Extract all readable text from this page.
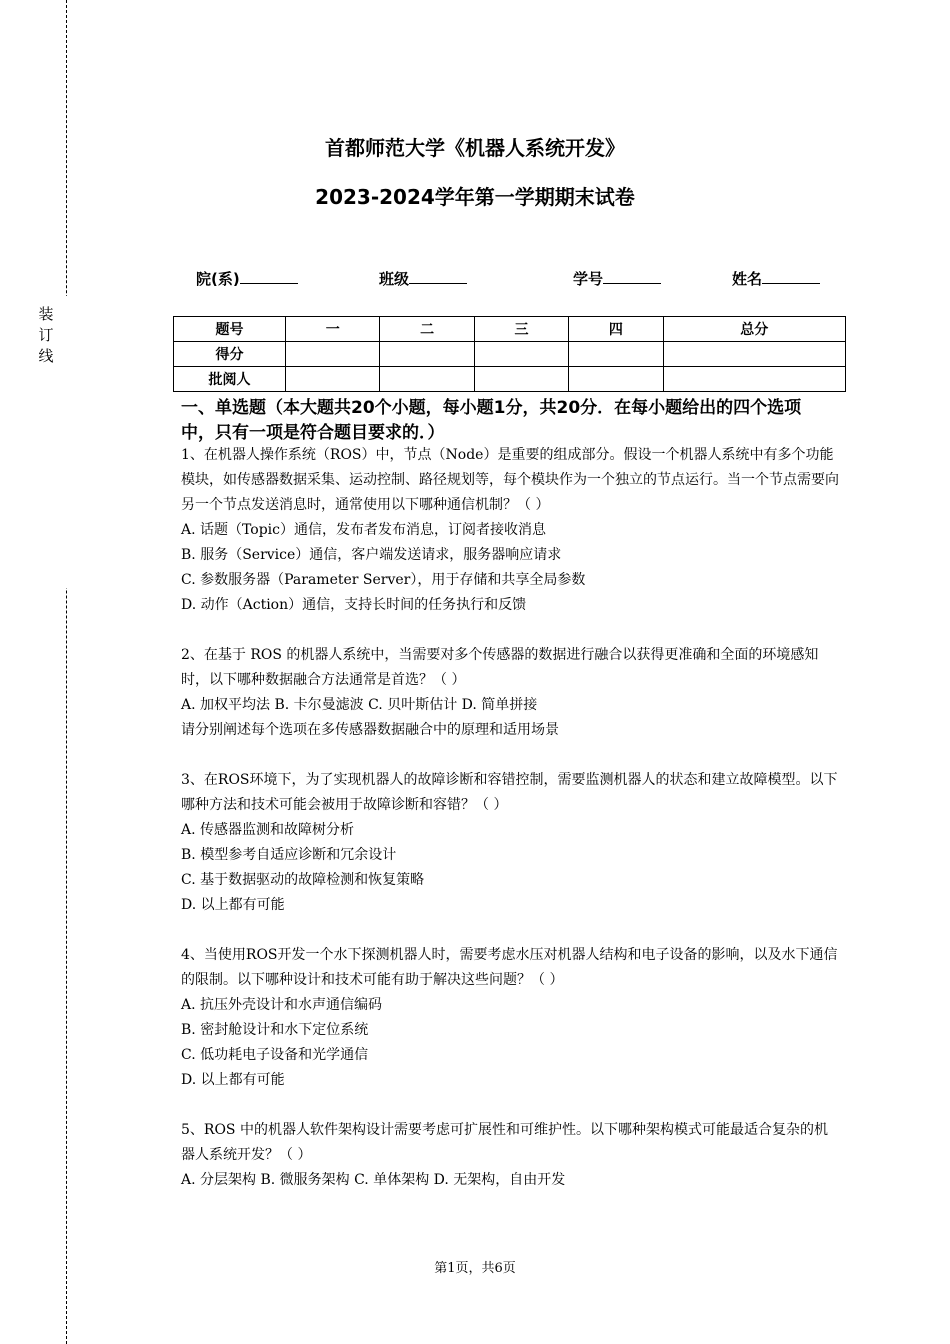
装
订
线
首都师范大学《机器人系统开发》
2023-2024学年第一学期期末试卷
院(系)	班级	学号	姓名
题号	一	二	三	四	总分
得分					
批阅人					
一、单选题（本大题共20个小题，每小题1分，共20分．在每小题给出的四个选项中，只有一项是符合题目要求的．）

1、在机器人操作系统（ROS）中，节点（Node）是重要的组成部分。假设一个机器人系统中有多个功能模块，如传感器数据采集、运动控制、路径规划等，每个模块作为一个独立的节点运行。当一个节点需要向另一个节点发送消息时，通常使用以下哪种通信机制？（ ）

A. 话题（Topic）通信，发布者发布消息，订阅者接收消息

B. 服务（Service）通信，客户端发送请求，服务器响应请求

C. 参数服务器（Parameter Server），用于存储和共享全局参数

D. 动作（Action）通信，支持长时间的任务执行和反馈

2、在基于 ROS 的机器人系统中，当需要对多个传感器的数据进行融合以获得更准确和全面的环境感知时，以下哪种数据融合方法通常是首选？（ ）

A. 加权平均法 B. 卡尔曼滤波 C. 贝叶斯估计 D. 简单拼接

请分别阐述每个选项在多传感器数据融合中的原理和适用场景

3、在ROS环境下，为了实现机器人的故障诊断和容错控制，需要监测机器人的状态和建立故障模型。以下哪种方法和技术可能会被用于故障诊断和容错？（ ）

A. 传感器监测和故障树分析

B. 模型参考自适应诊断和冗余设计

C. 基于数据驱动的故障检测和恢复策略

D. 以上都有可能

4、当使用ROS开发一个水下探测机器人时，需要考虑水压对机器人结构和电子设备的影响，以及水下通信的限制。以下哪种设计和技术可能有助于解决这些问题？（ ）

A. 抗压外壳设计和水声通信编码

B. 密封舱设计和水下定位系统

C. 低功耗电子设备和光学通信

D. 以上都有可能

5、ROS 中的机器人软件架构设计需要考虑可扩展性和可维护性。以下哪种架构模式可能最适合复杂的机器人系统开发？（ ）

A. 分层架构 B. 微服务架构 C. 单体架构 D. 无架构，自由开发

第1页，共6页
